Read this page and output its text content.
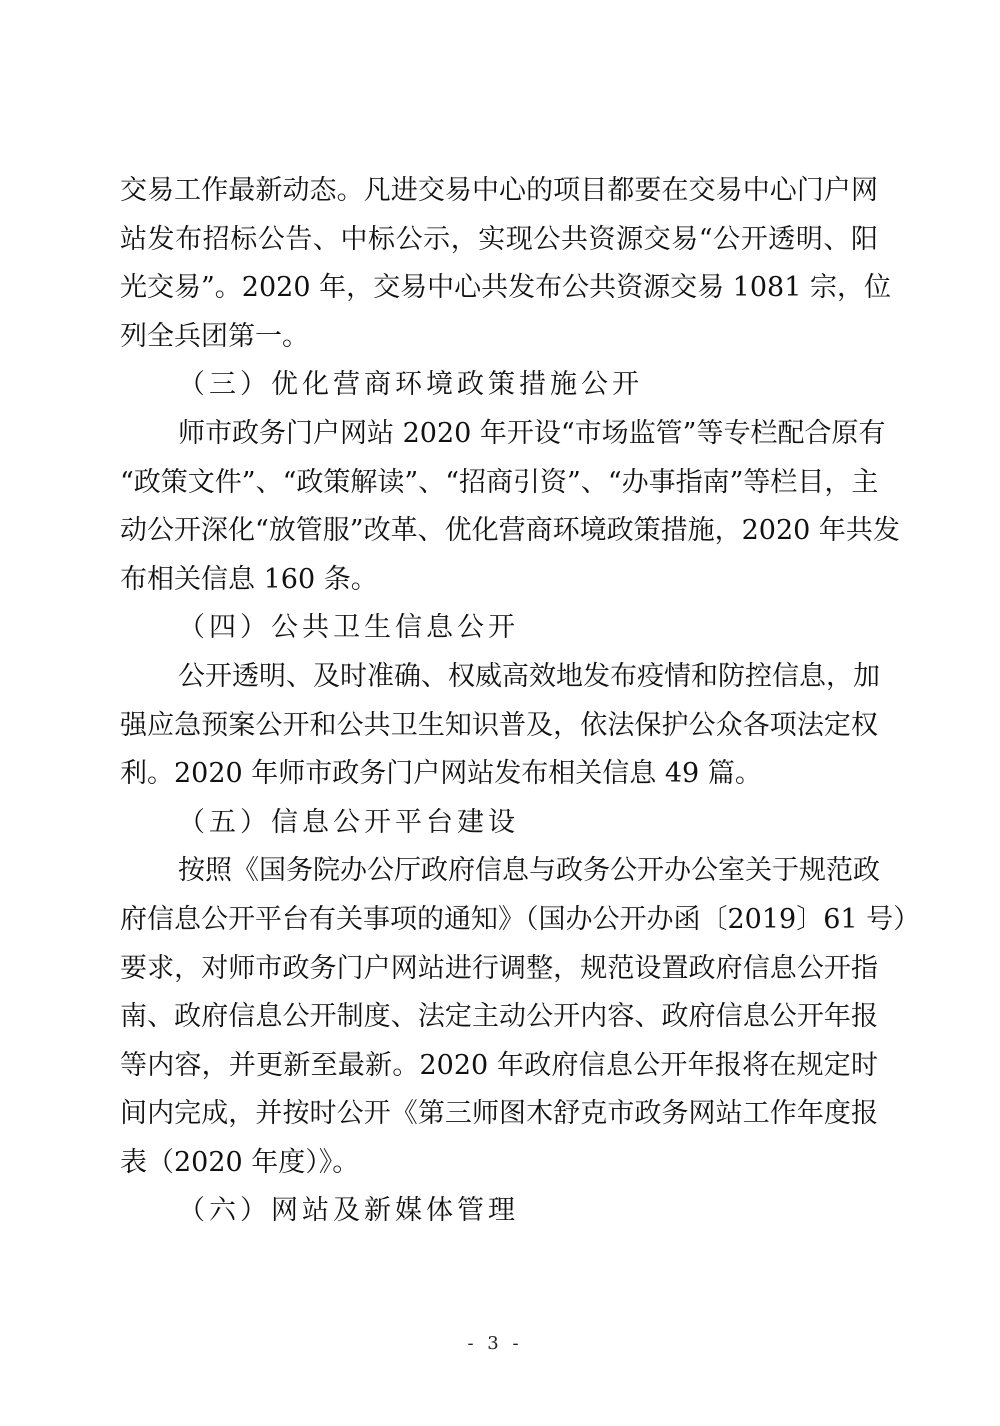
交易工作最新动态。凡进交易中心的项目都要在交易中心门户网
站发布招标公告、中标公示，实现公共资源交易“公开透明、阳
光交易”。2020 年，交易中心共发布公共资源交易 1081 宗，位
列全兵团第一。
（三）优化营商环境政策措施公开
师市政务门户网站 2020 年开设“市场监管”等专栏配合原有
“政策文件”、“政策解读”、“招商引资”、“办事指南”等栏目，主
动公开深化“放管服”改革、优化营商环境政策措施，2020 年共发
布相关信息 160 条。
（四）公共卫生信息公开
公开透明、及时准确、权威高效地发布疫情和防控信息，加
强应急预案公开和公共卫生知识普及，依法保护公众各项法定权
利。2020 年师市政务门户网站发布相关信息 49 篇。
（五）信息公开平台建设
按照《国务院办公厅政府信息与政务公开办公室关于规范政
府信息公开平台有关事项的通知》（国办公开办函〔2019〕61 号）
要求，对师市政务门户网站进行调整，规范设置政府信息公开指
南、政府信息公开制度、法定主动公开内容、政府信息公开年报
等内容，并更新至最新。2020 年政府信息公开年报将在规定时
间内完成，并按时公开《第三师图木舒克市政务网站工作年度报
表（2020 年度）》。
（六）网站及新媒体管理
- 3 -
